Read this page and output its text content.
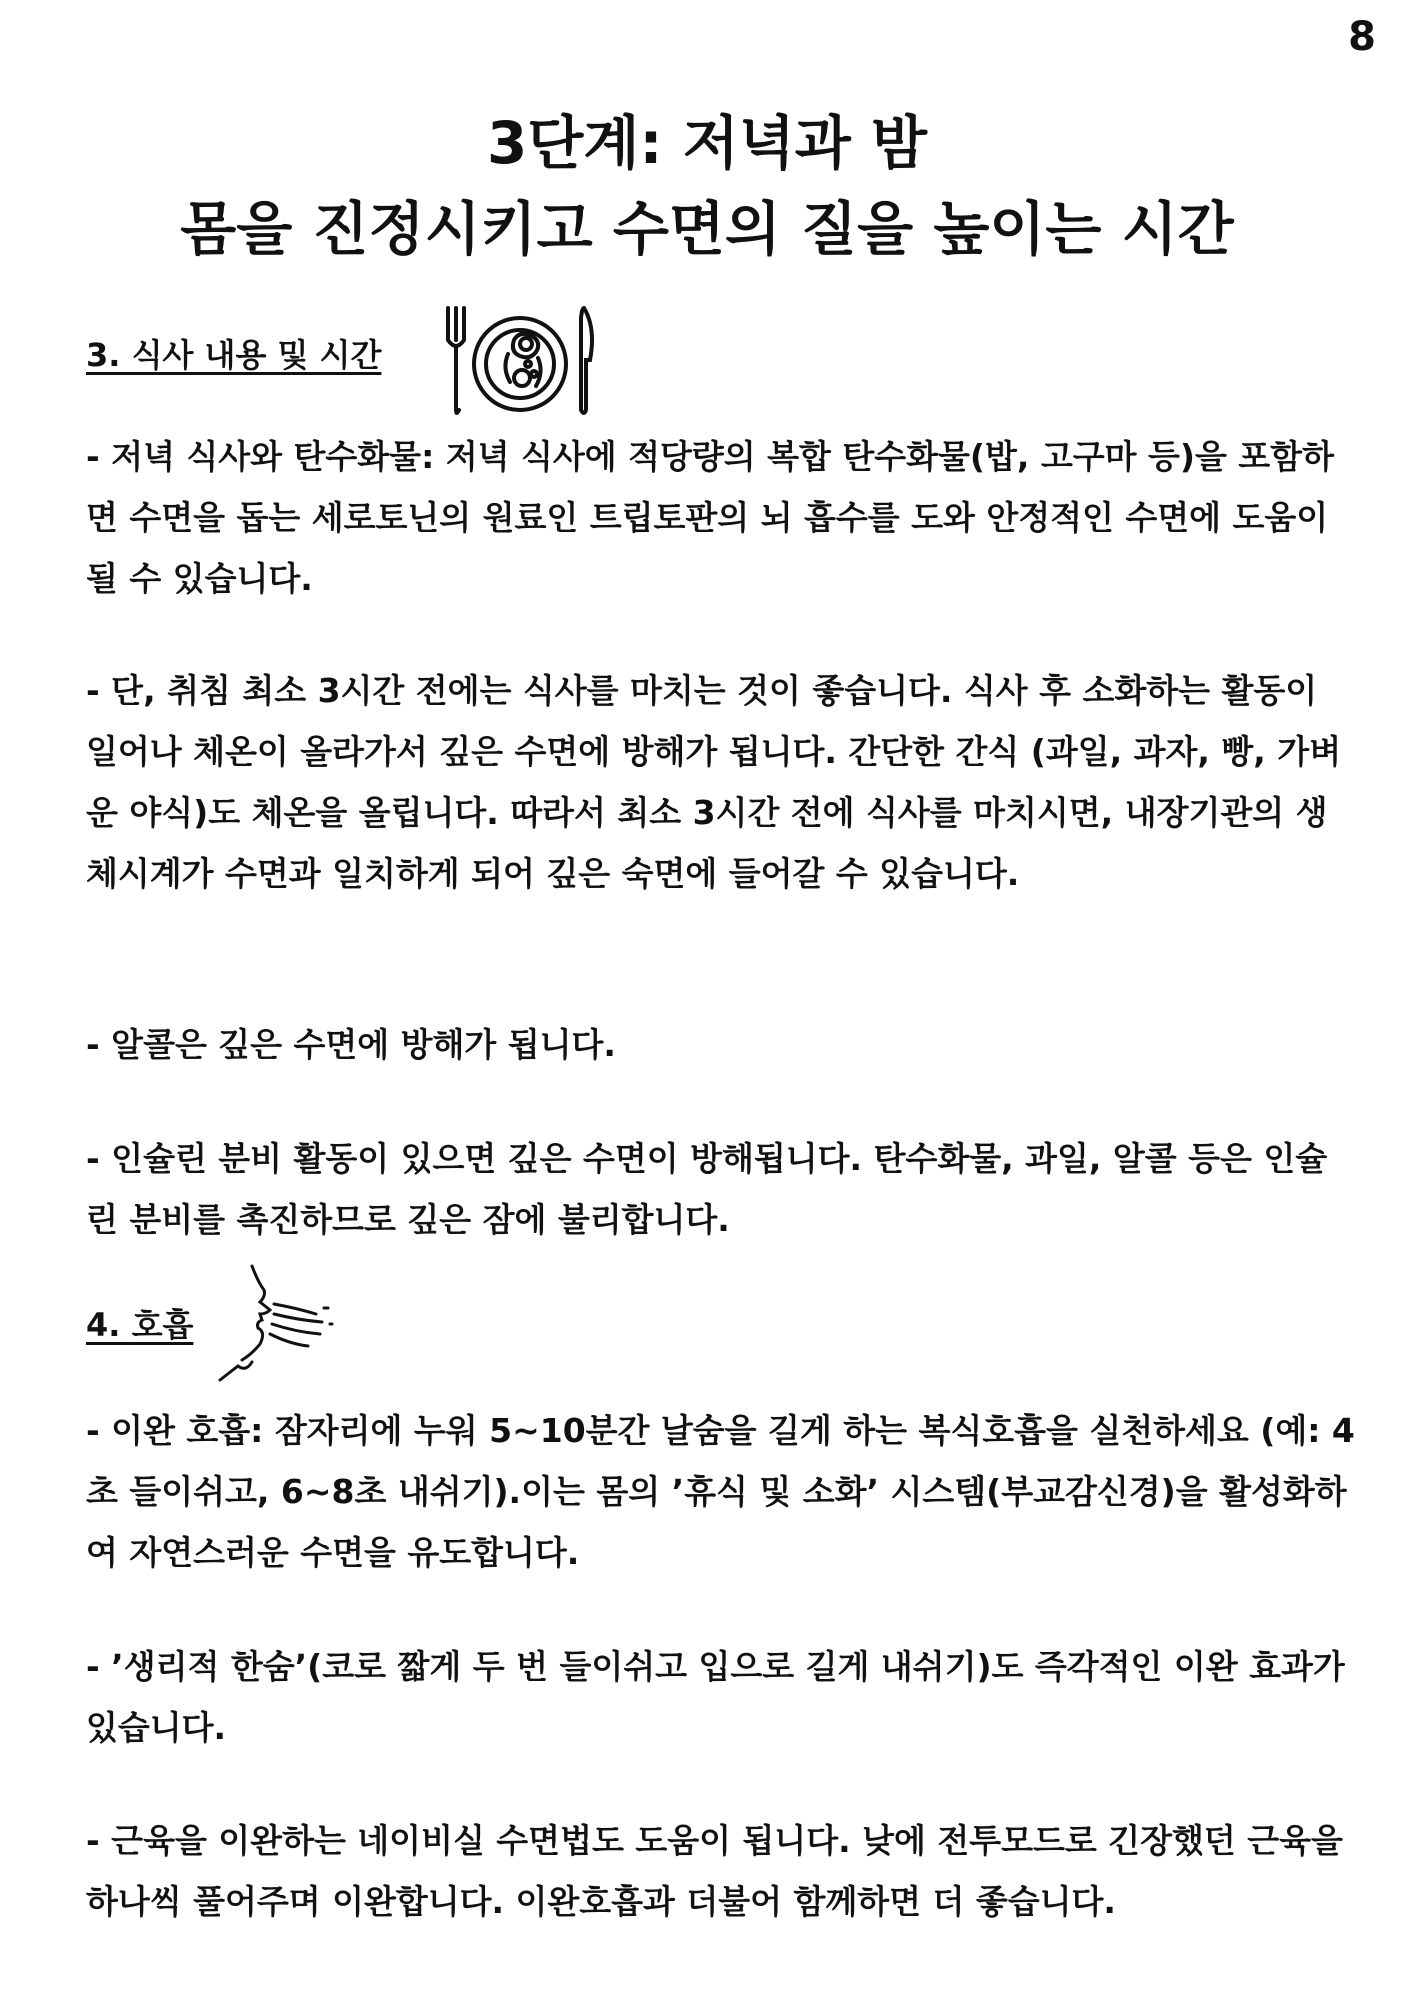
8
3단계: 저녁과 밤
몸을 진정시키고 수면의 질을 높이는 시간
3. 식사 내용 및 시간

- 저녁 식사와 탄수화물: 저녁 식사에 적당량의 복합 탄수화물(밥, 고구마 등)을 포함하면 수면을 돕는 세로토닌의 원료인 트립토판의 뇌 흡수를 도와 안정적인 수면에 도움이 될 수 있습니다.

- 단, 취침 최소 3시간 전에는 식사를 마치는 것이 좋습니다. 식사 후 소화하는 활동이 일어나 체온이 올라가서 깊은 수면에 방해가 됩니다. 간단한 간식 (과일, 과자, 빵, 가벼운 야식)도 체온을 올립니다. 따라서 최소 3시간 전에 식사를 마치시면, 내장기관의 생체시계가 수면과 일치하게 되어 깊은 숙면에 들어갈 수 있습니다.

- 알콜은 깊은 수면에 방해가 됩니다.

- 인슐린 분비 활동이 있으면 깊은 수면이 방해됩니다. 탄수화물, 과일, 알콜 등은 인슐린 분비를 촉진하므로 깊은 잠에 불리합니다.

4. 호흡

- 이완 호흡: 잠자리에 누워 5~10분간 날숨을 길게 하는 복식호흡을 실천하세요 (예: 4초 들이쉬고, 6~8초 내쉬기).이는 몸의 ’휴식 및 소화’ 시스템(부교감신경)을 활성화하여 자연스러운 수면을 유도합니다.

- ’생리적 한숨’(코로 짧게 두 번 들이쉬고 입으로 길게 내쉬기)도 즉각적인 이완 효과가 있습니다.

- 근육을 이완하는 네이비실 수면법도 도움이 됩니다. 낮에 전투모드로 긴장했던 근육을 하나씩 풀어주며 이완합니다. 이완호흡과 더불어 함께하면 더 좋습니다.
